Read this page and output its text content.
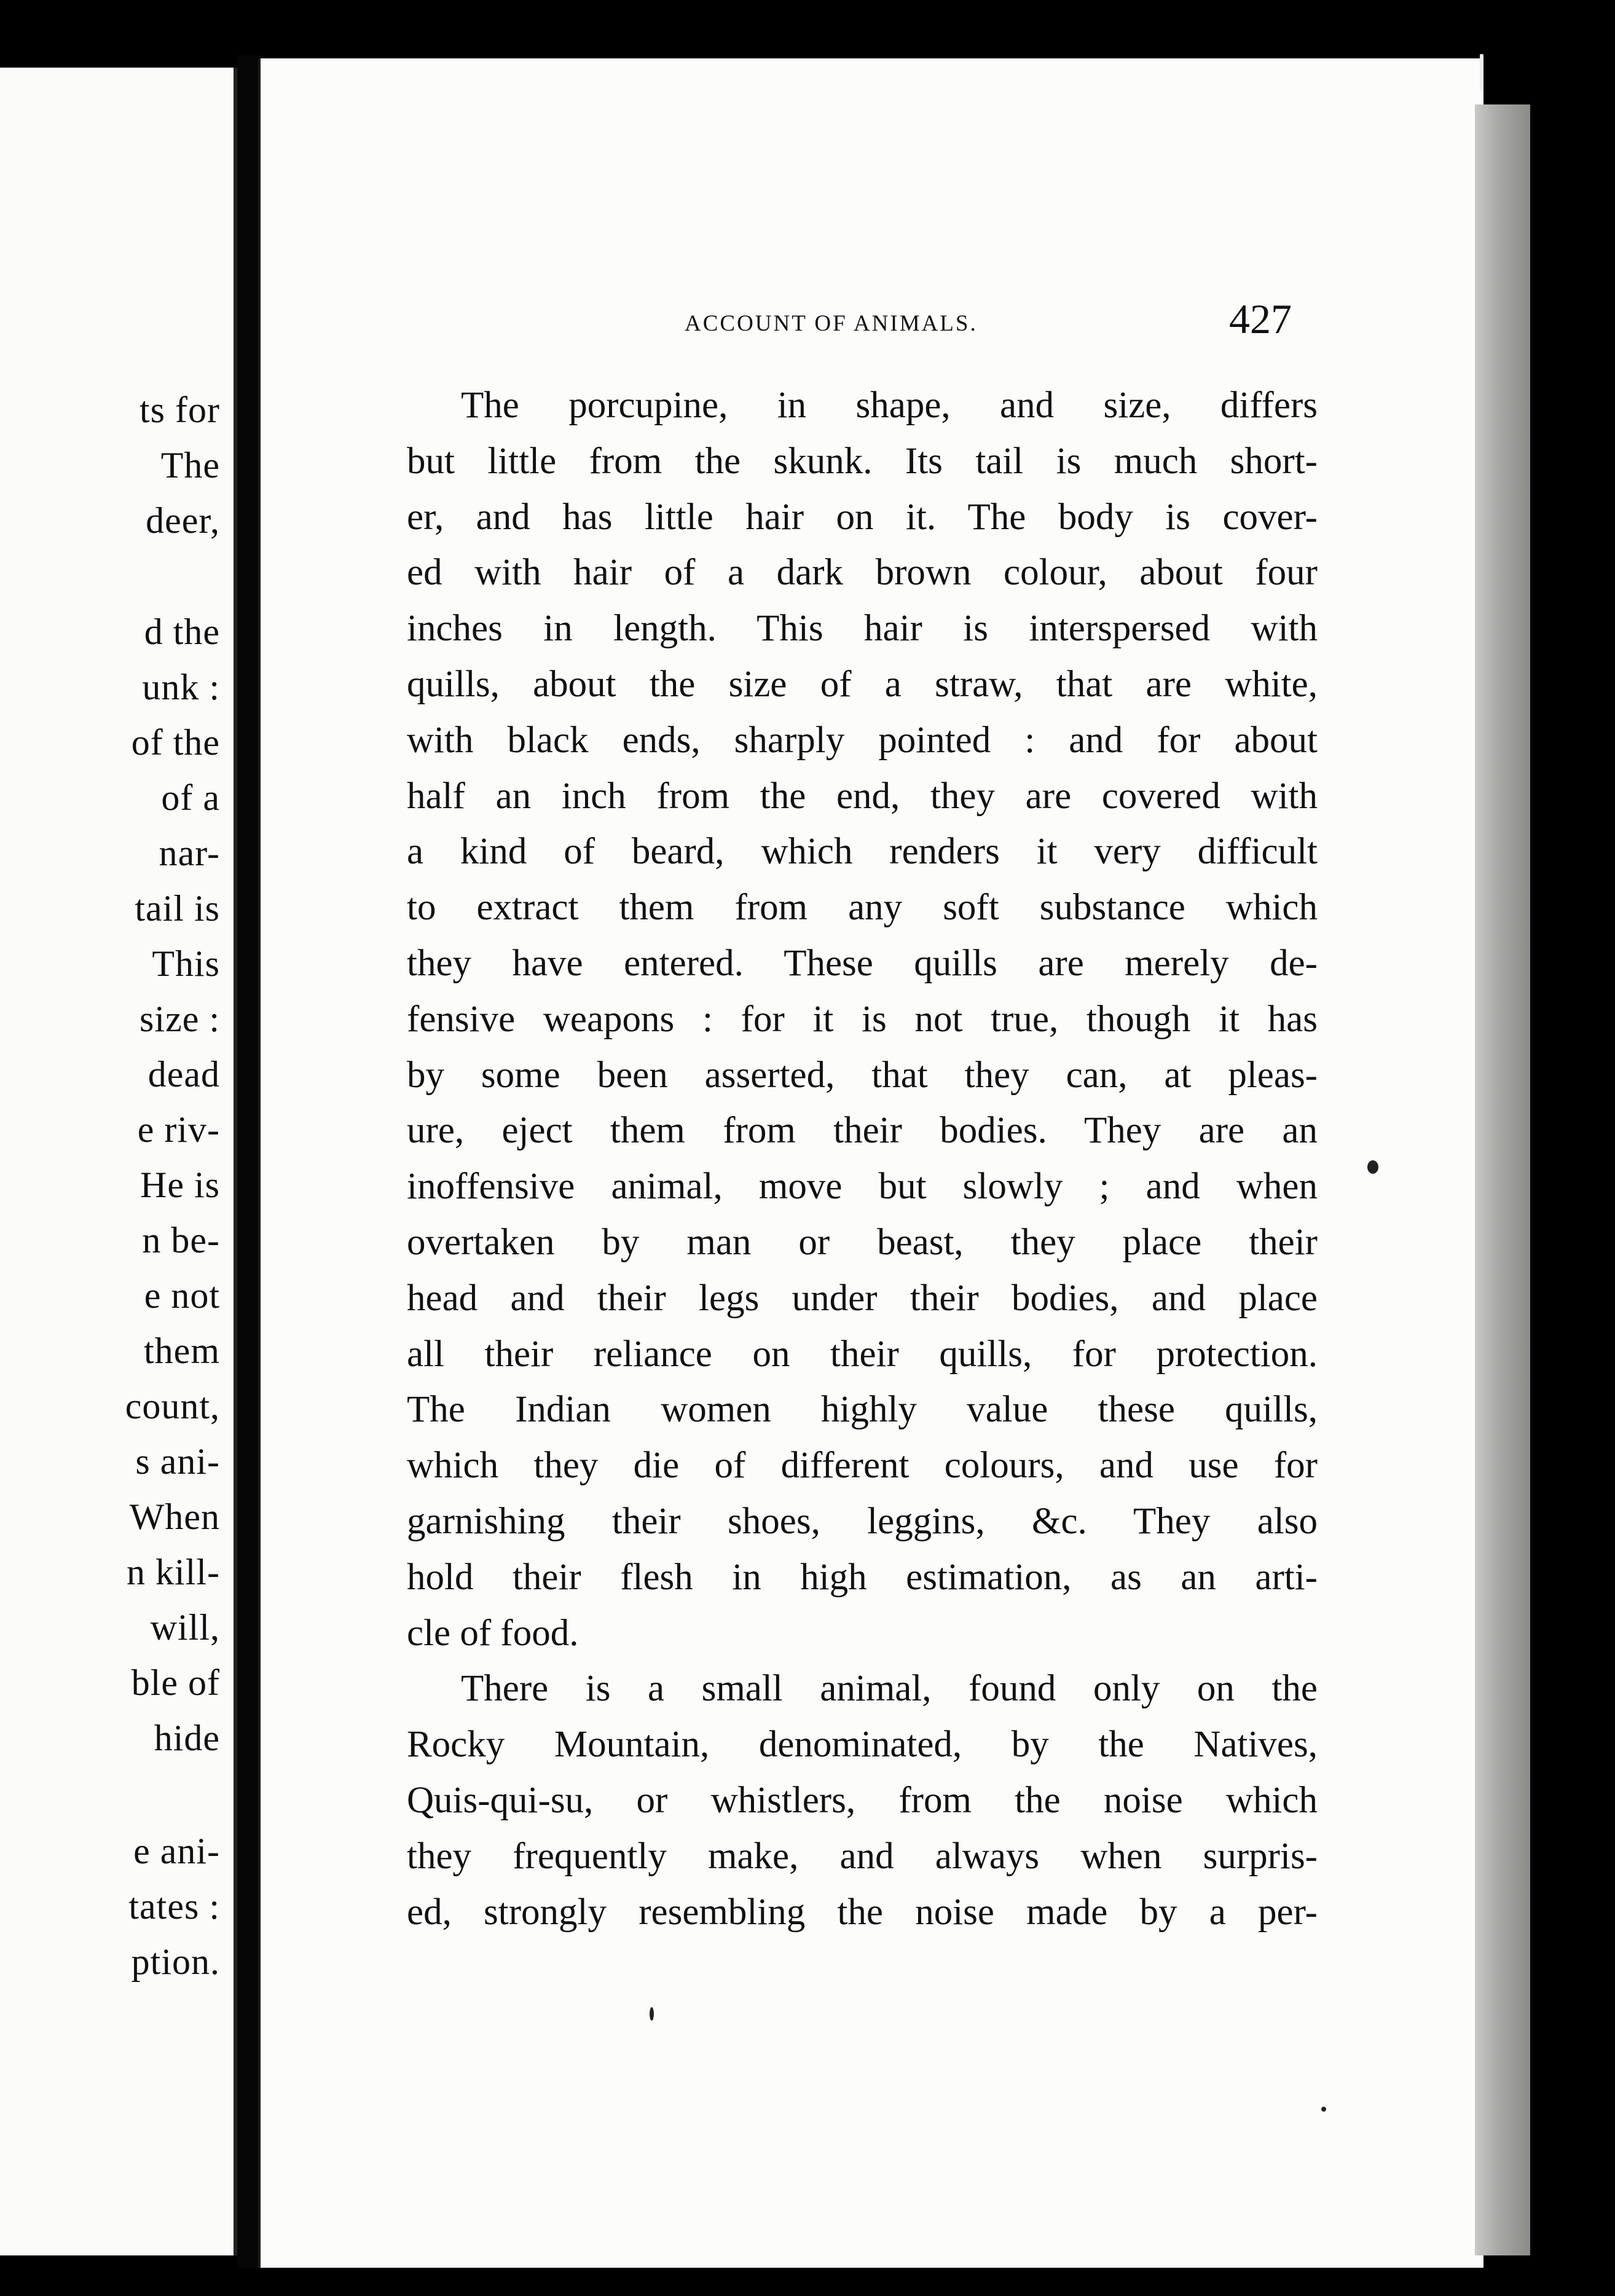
ts for
The
deer,
d the
unk :
of the
of a
nar-
tail is
This
size :
dead
e riv-
He is
n be-
e not
them
count,
s ani-
When
n kill-
will,
ble of
hide
e ani-
tates :
ption.
ACCOUNT OF ANIMALS.	427
The porcupine, in shape, and size, differs
but little from the skunk. Its tail is much short-
er, and has little hair on it. The body is cover-
ed with hair of a dark brown colour, about four
inches in length. This hair is interspersed with
quills, about the size of a straw, that are white,
with black ends, sharply pointed : and for about
half an inch from the end, they are covered with
a kind of beard, which renders it very difficult
to extract them from any soft substance which
they have entered. These quills are merely de-
fensive weapons : for it is not true, though it has
by some been asserted, that they can, at pleas-
ure, eject them from their bodies. They are an
inoffensive animal, move but slowly ; and when
overtaken by man or beast, they place their
head and their legs under their bodies, and place
all their reliance on their quills, for protection.
The Indian women highly value these quills,
which they die of different colours, and use for
garnishing their shoes, leggins, &c. They also
hold their flesh in high estimation, as an arti-
cle of food.
There is a small animal, found only on the
Rocky Mountain, denominated, by the Natives,
Quis-qui-su, or whistlers, from the noise which
they frequently make, and always when surpris-
ed, strongly resembling the noise made by a per-
